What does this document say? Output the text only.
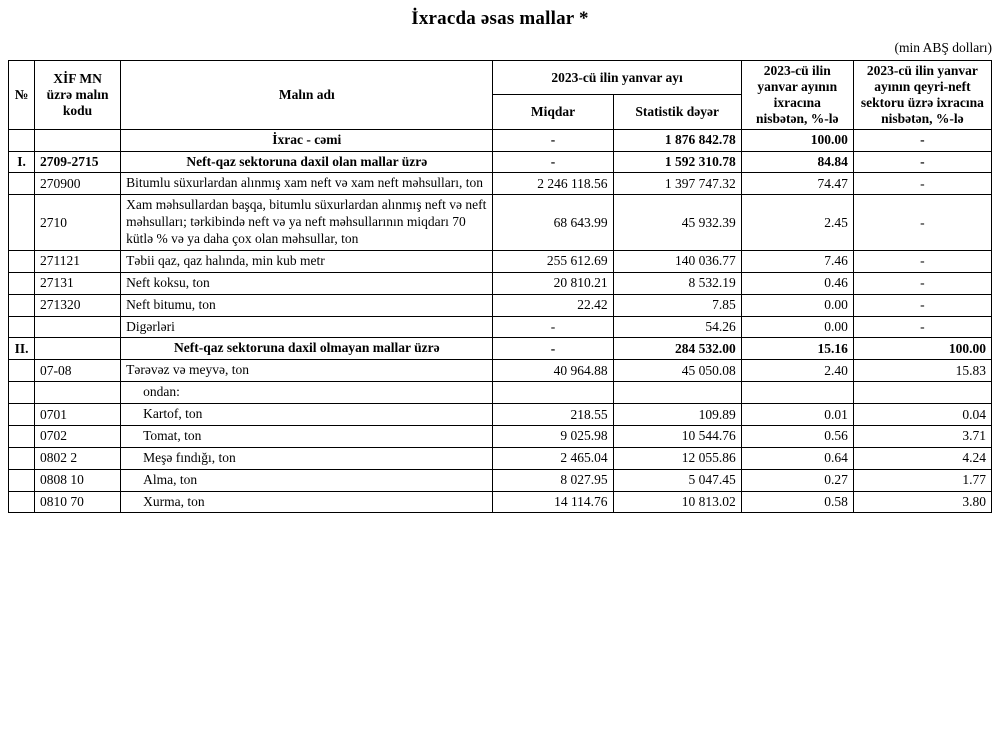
İxracda əsas mallar *
(min ABŞ dolları)
№	XİF MN üzrə malın kodu	Malın adı	2023-cü ilin yanvar ayı		2023-cü ilin yanvar ayının ixracına nisbətən, %-lə	2023-cü ilin yanvar ayının qeyri-neft sektoru üzrə ixracına nisbətən, %-lə
			Miqdar	Statistik dəyər		
		İxrac - cəmi	-	1 876 842.78	100.00	-
I.	2709-2715	Neft-qaz sektoruna daxil olan mallar üzrə	-	1 592 310.78	84.84	-
	270900	Bitumlu süxurlardan alınmış xam neft və xam neft məhsulları, ton	2 246 118.56	1 397 747.32	74.47	-
	2710	Xam məhsullardan başqa, bitumlu süxurlardan alınmış neft və neft məhsulları; tərkibində neft və ya neft məhsullarının miqdarı 70 kütlə % və ya daha çox olan məhsullar, ton	68 643.99	45 932.39	2.45	-
	271121	Təbii qaz, qaz halında, min kub metr	255 612.69	140 036.77	7.46	-
	27131	Neft koksu, ton	20 810.21	8 532.19	0.46	-
	271320	Neft bitumu, ton	22.42	7.85	0.00	-
		Digərləri	-	54.26	0.00	-
II.		Neft-qaz sektoruna daxil olmayan mallar üzrə	-	284 532.00	15.16	100.00
	07-08	Tərəvəz və meyvə, ton	40 964.88	45 050.08	2.40	15.83
		ondan:				
	0701	Kartof, ton	218.55	109.89	0.01	0.04
	0702	Tomat, ton	9 025.98	10 544.76	0.56	3.71
	0802 2	Meşə fındığı, ton	2 465.04	12 055.86	0.64	4.24
	0808 10	Alma, ton	8 027.95	5 047.45	0.27	1.77
	0810 70	Xurma, ton	14 114.76	10 813.02	0.58	3.80
